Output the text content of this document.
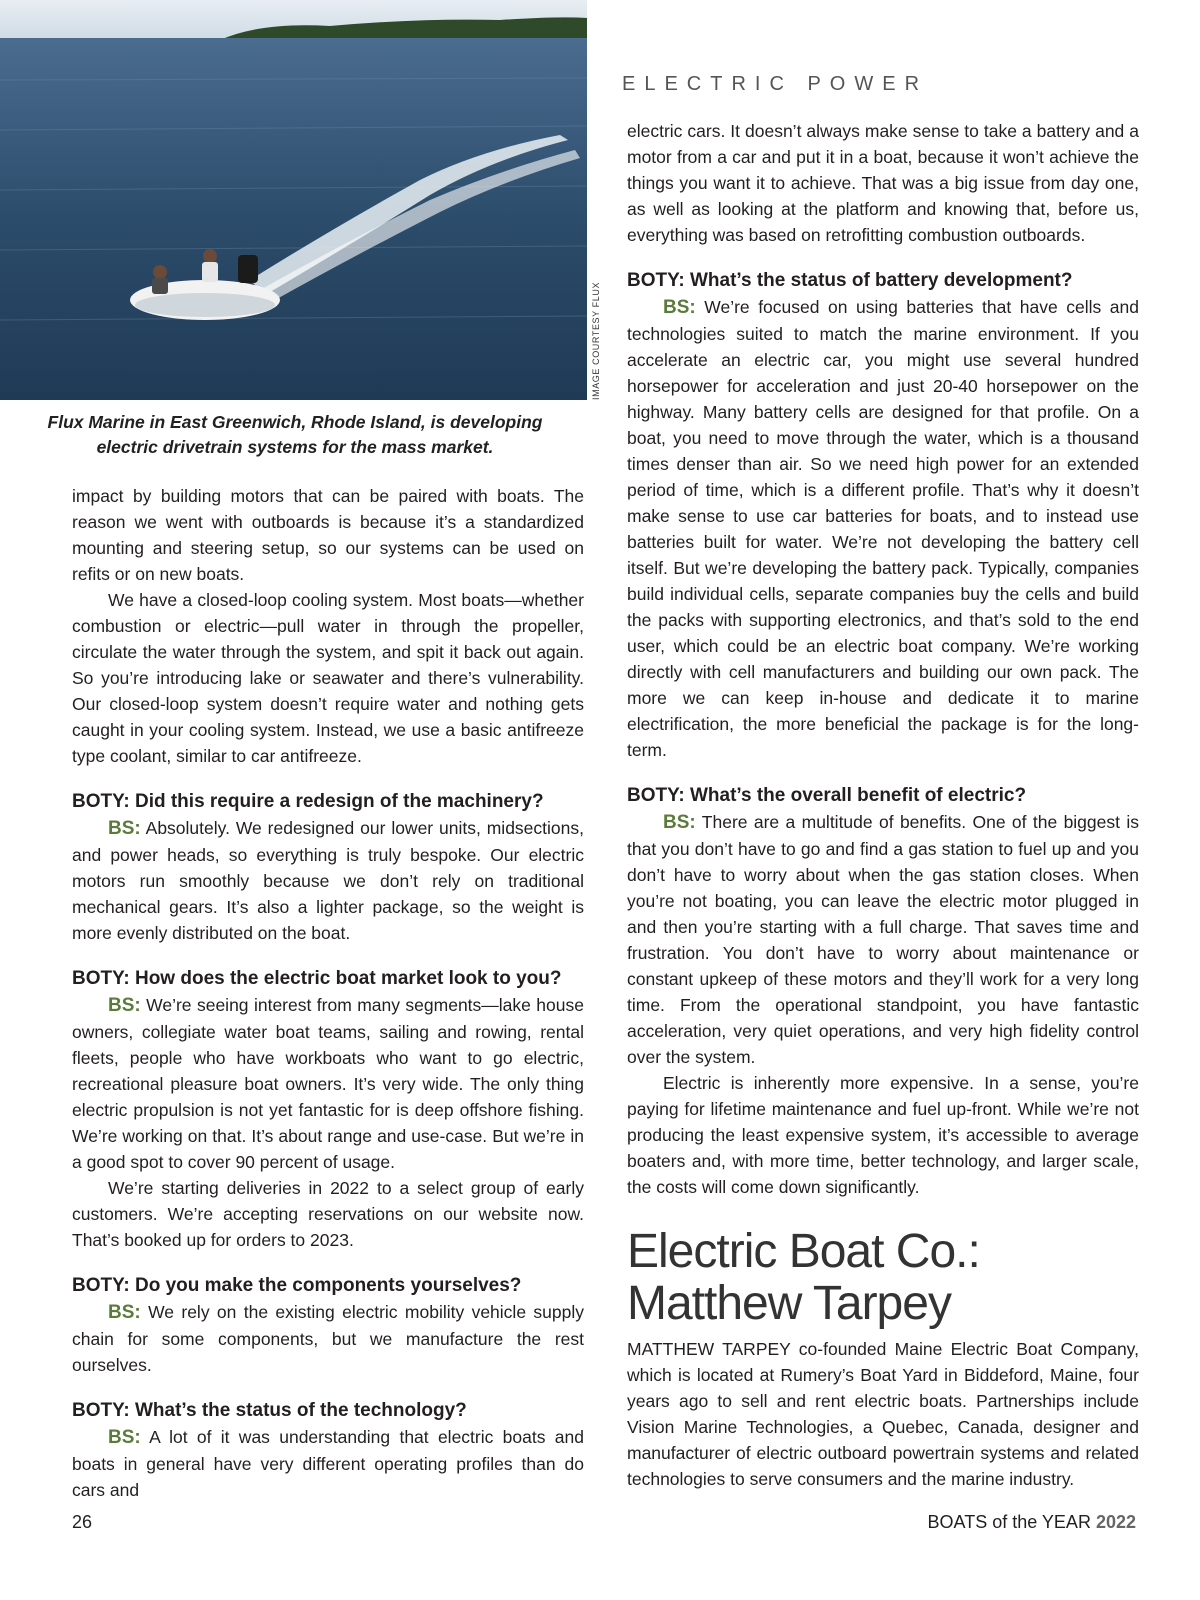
IMAGE COURTESY FLUX
Flux Marine in East Greenwich, Rhode Island, is developing electric drivetrain systems for the mass market.
ELECTRIC POWER

impact by building motors that can be paired with boats. The reason we went with outboards is because it’s a standardized mounting and steering setup, so our systems can be used on refits or on new boats.

We have a closed-loop cooling system. Most boats—whether combustion or electric—pull water in through the propeller, circulate the water through the system, and spit it back out again. So you’re introducing lake or seawater and there’s vulnerability. Our closed-loop system doesn’t require water and nothing gets caught in your cooling system. Instead, we use a basic antifreeze type coolant, similar to car antifreeze.

BOTY: Did this require a redesign of the machinery?

BS: Absolutely. We redesigned our lower units, midsections, and power heads, so everything is truly bespoke. Our electric motors run smoothly because we don’t rely on traditional mechanical gears. It’s also a lighter package, so the weight is more evenly distributed on the boat.

BOTY: How does the electric boat market look to you?

BS: We’re seeing interest from many segments—lake house owners, collegiate water boat teams, sailing and rowing, rental fleets, people who have workboats who want to go electric, recreational pleasure boat owners. It’s very wide. The only thing electric propulsion is not yet fantastic for is deep offshore fishing. We’re working on that. It’s about range and use-case. But we’re in a good spot to cover 90 percent of usage.

We’re starting deliveries in 2022 to a select group of early customers. We’re accepting reservations on our website now. That’s booked up for orders to 2023.

BOTY: Do you make the components yourselves?

BS: We rely on the existing electric mobility vehicle supply chain for some components, but we manufacture the rest ourselves.

BOTY: What’s the status of the technology?

BS: A lot of it was understanding that electric boats and boats in general have very different operating profiles than do cars and

electric cars. It doesn’t always make sense to take a battery and a motor from a car and put it in a boat, because it won’t achieve the things you want it to achieve. That was a big issue from day one, as well as looking at the platform and knowing that, before us, everything was based on retrofitting combustion outboards.

BOTY: What’s the status of battery development?

BS: We’re focused on using batteries that have cells and technologies suited to match the marine environment. If you accelerate an electric car, you might use several hundred horsepower for acceleration and just 20-40 horsepower on the highway. Many battery cells are designed for that profile. On a boat, you need to move through the water, which is a thousand times denser than air. So we need high power for an extended period of time, which is a different profile. That’s why it doesn’t make sense to use car batteries for boats, and to instead use batteries built for water. We’re not developing the battery cell itself. But we’re developing the battery pack. Typically, companies build individual cells, separate companies buy the cells and build the packs with supporting electronics, and that’s sold to the end user, which could be an electric boat company. We’re working directly with cell manufacturers and building our own pack. The more we can keep in-house and dedicate it to marine electrification, the more beneficial the package is for the long-term.

BOTY: What’s the overall benefit of electric?

BS: There are a multitude of benefits. One of the biggest is that you don’t have to go and find a gas station to fuel up and you don’t have to worry about when the gas station closes. When you’re not boating, you can leave the electric motor plugged in and then you’re starting with a full charge. That saves time and frustration. You don’t have to worry about maintenance or constant upkeep of these motors and they’ll work for a very long time. From the operational standpoint, you have fantastic acceleration, very quiet operations, and very high fidelity control over the system.

Electric is inherently more expensive. In a sense, you’re paying for lifetime maintenance and fuel up-front. While we’re not producing the least expensive system, it’s accessible to average boaters and, with more time, better technology, and larger scale, the costs will come down significantly.

Electric Boat Co.:
Matthew Tarpey

MATTHEW TARPEY co-founded Maine Electric Boat Company, which is located at Rumery’s Boat Yard in Biddeford, Maine, four years ago to sell and rent electric boats. Partnerships include Vision Marine Technologies, a Quebec, Canada, designer and manufacturer of electric outboard powertrain systems and related technologies to serve consumers and the marine industry.

26	BOATS of the YEAR 2022
